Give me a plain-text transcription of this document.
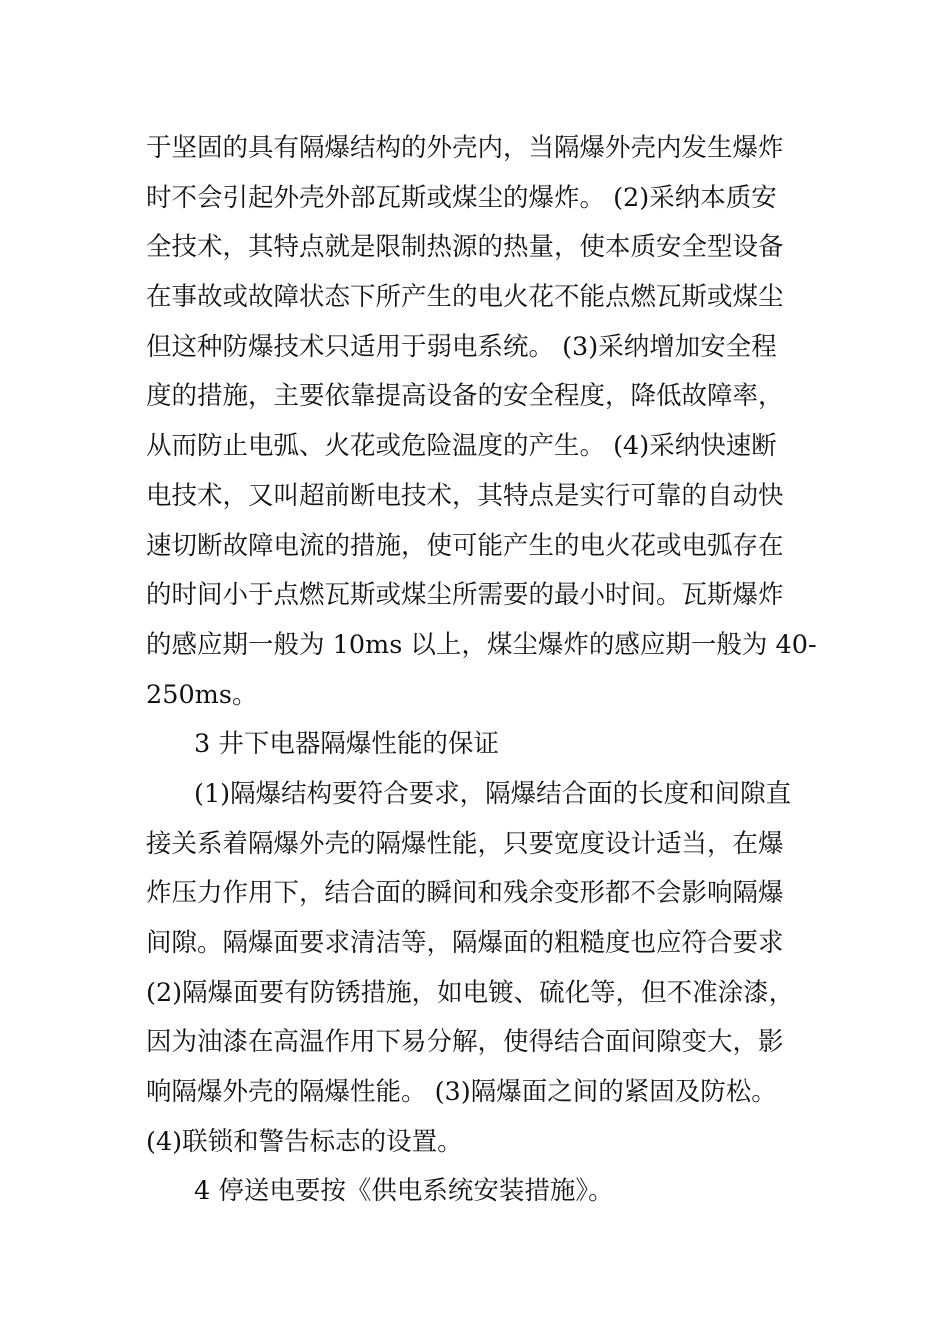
于坚固的具有隔爆结构的外壳内，当隔爆外壳内发生爆炸
时不会引起外壳外部瓦斯或煤尘的爆炸。 (2)采纳本质安
全技术，其特点就是限制热源的热量，使本质安全型设备
在事故或故障状态下所产生的电火花不能点燃瓦斯或煤尘
但这种防爆技术只适用于弱电系统。 (3)采纳增加安全程
度的措施，主要依靠提高设备的安全程度，降低故障率，
从而防止电弧、火花或危险温度的产生。 (4)采纳快速断
电技术，又叫超前断电技术，其特点是实行可靠的自动快
速切断故障电流的措施，使可能产生的电火花或电弧存在
的时间小于点燃瓦斯或煤尘所需要的最小时间。瓦斯爆炸
的感应期一般为 10ms 以上，煤尘爆炸的感应期一般为 40-
250ms。
3 井下电器隔爆性能的保证
(1)隔爆结构要符合要求，隔爆结合面的长度和间隙直
接关系着隔爆外壳的隔爆性能，只要宽度设计适当，在爆
炸压力作用下，结合面的瞬间和残余变形都不会影响隔爆
间隙。隔爆面要求清洁等，隔爆面的粗糙度也应符合要求
(2)隔爆面要有防锈措施，如电镀、硫化等，但不准涂漆，
因为油漆在高温作用下易分解，使得结合面间隙变大，影
响隔爆外壳的隔爆性能。 (3)隔爆面之间的紧固及防松。
(4)联锁和警告标志的设置。
4 停送电要按《供电系统安装措施》。
